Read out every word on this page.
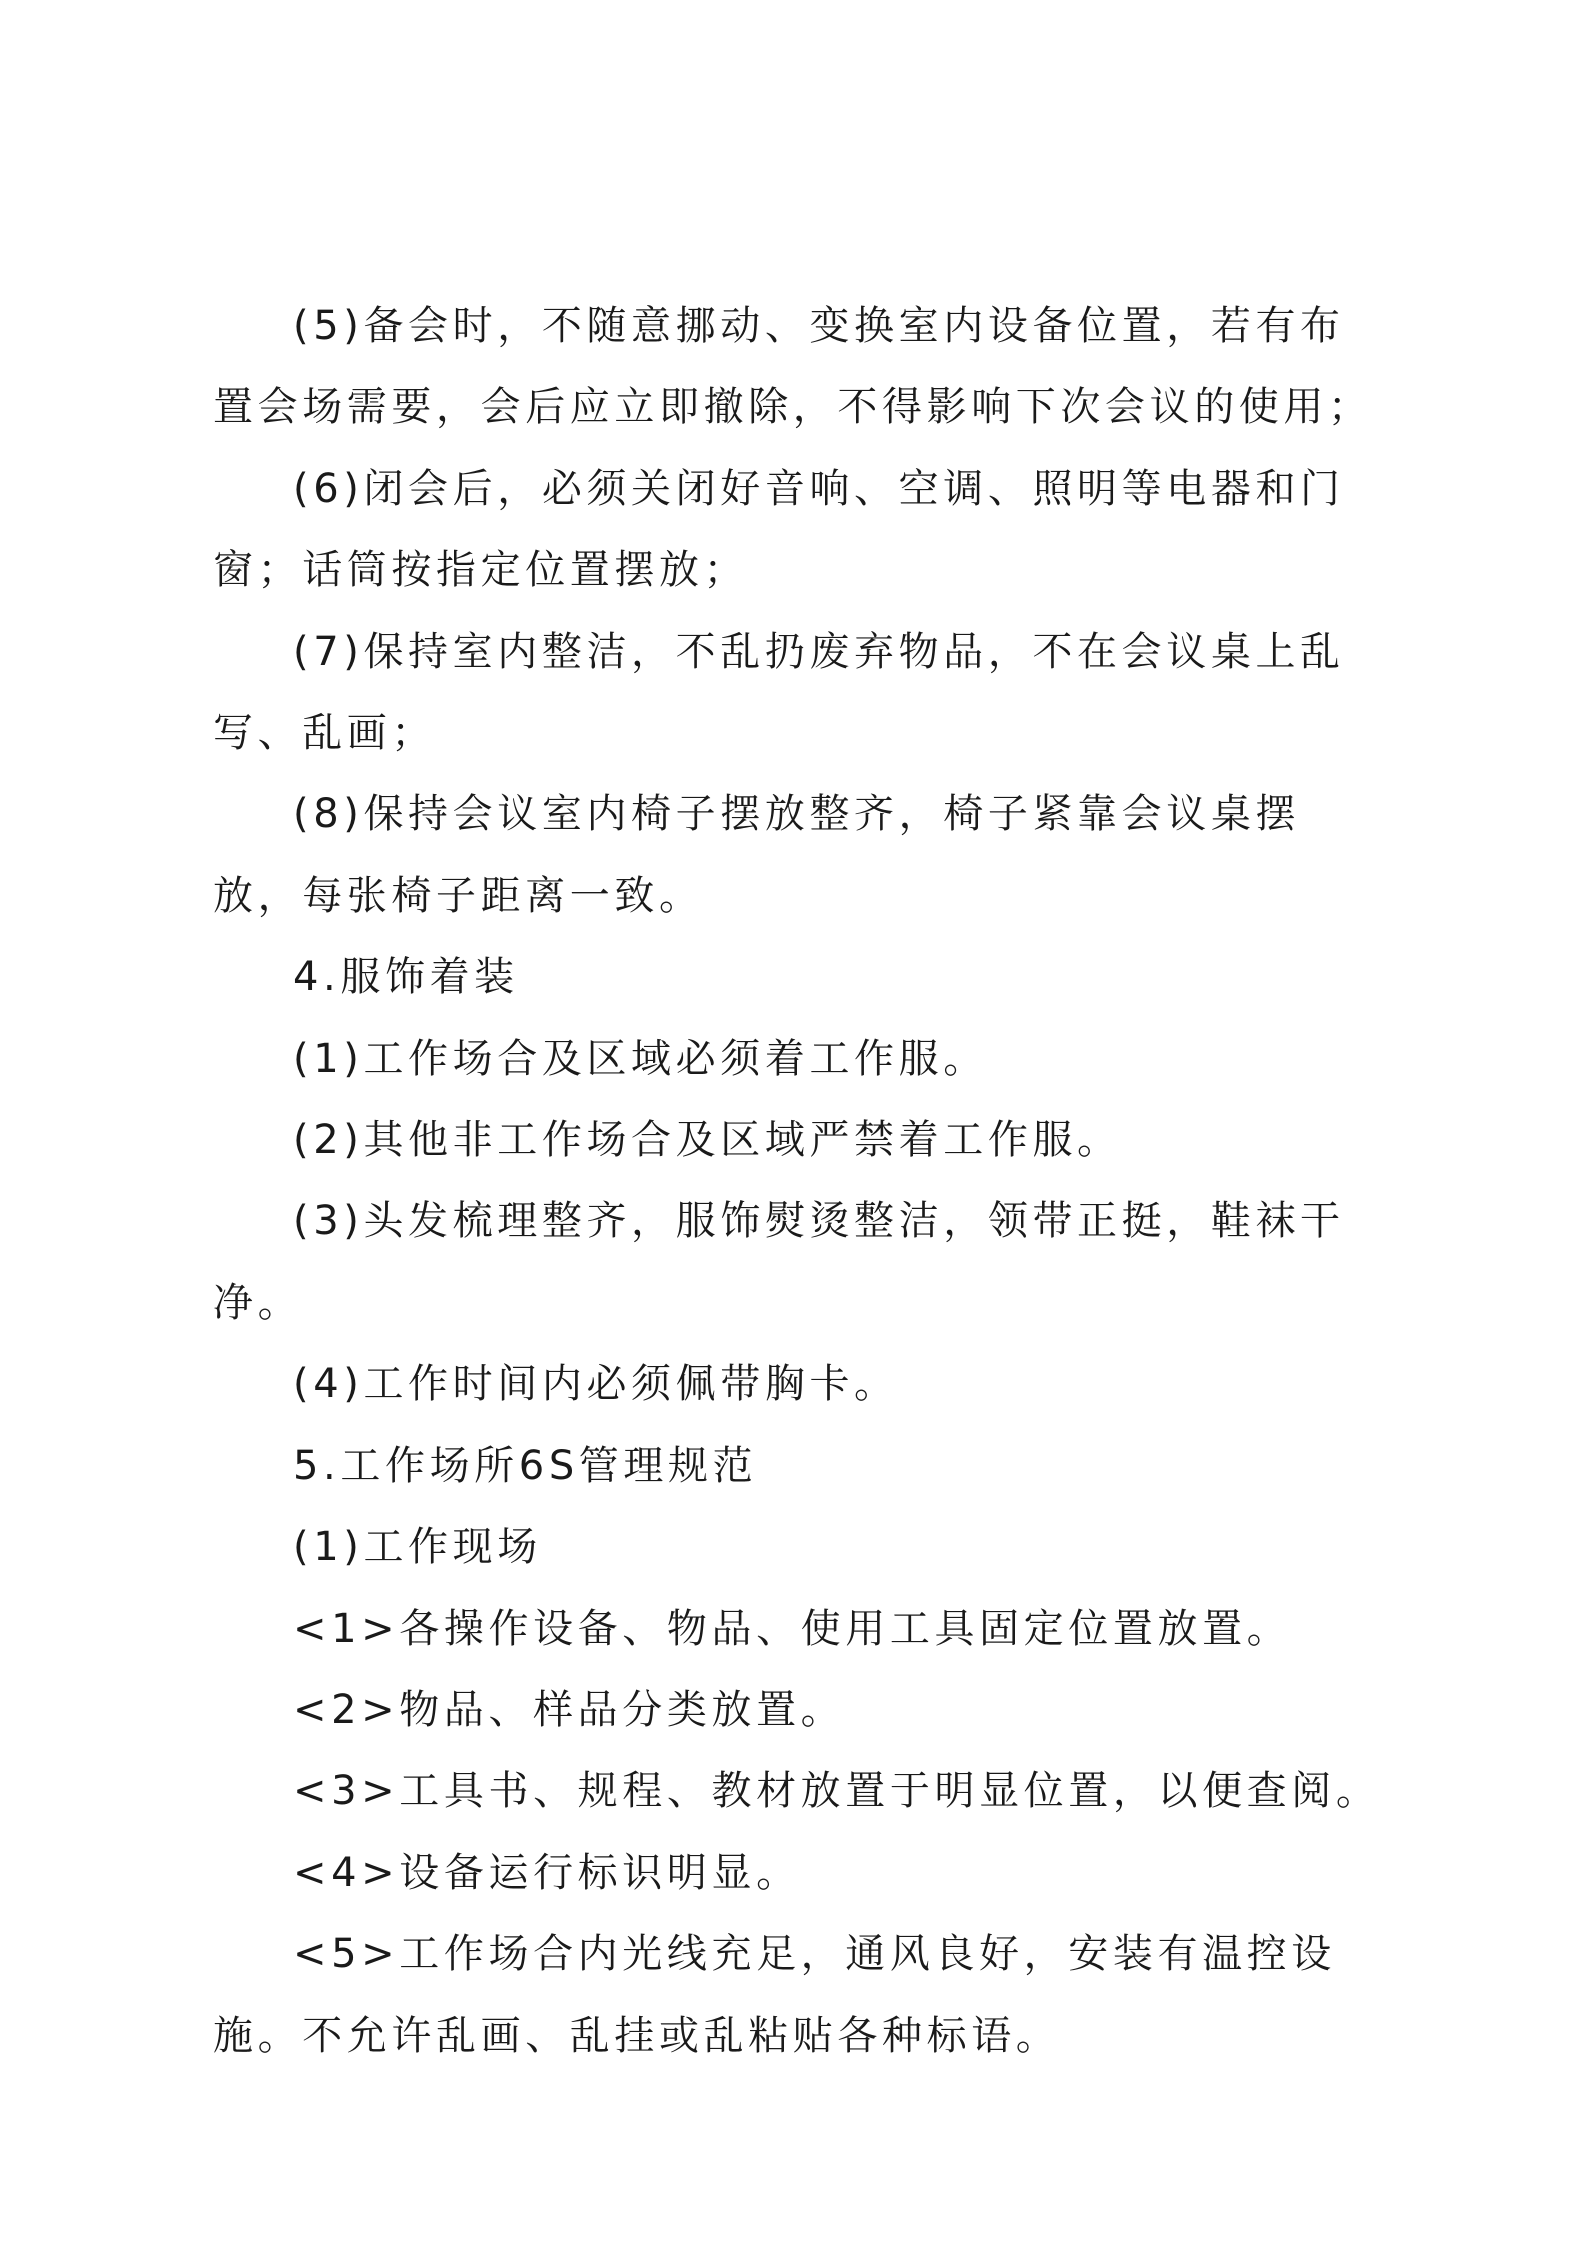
(5)备会时，不随意挪动、变换室内设备位置，若有布置会场需要，会后应立即撤除，不得影响下次会议的使用；

(6)闭会后，必须关闭好音响、空调、照明等电器和门窗；话筒按指定位置摆放；

(7)保持室内整洁，不乱扔废弃物品，不在会议桌上乱写、乱画；

(8)保持会议室内椅子摆放整齐，椅子紧靠会议桌摆放，每张椅子距离一致。

4.服饰着装

(1)工作场合及区域必须着工作服。

(2)其他非工作场合及区域严禁着工作服。

(3)头发梳理整齐，服饰熨烫整洁，领带正挺，鞋袜干净。

(4)工作时间内必须佩带胸卡。

5.工作场所6S管理规范

(1)工作现场

<1>各操作设备、物品、使用工具固定位置放置。

<2>物品、样品分类放置。

<3>工具书、规程、教材放置于明显位置，以便查阅。

<4>设备运行标识明显。

<5>工作场合内光线充足，通风良好，安装有温控设施。不允许乱画、乱挂或乱粘贴各种标语。
